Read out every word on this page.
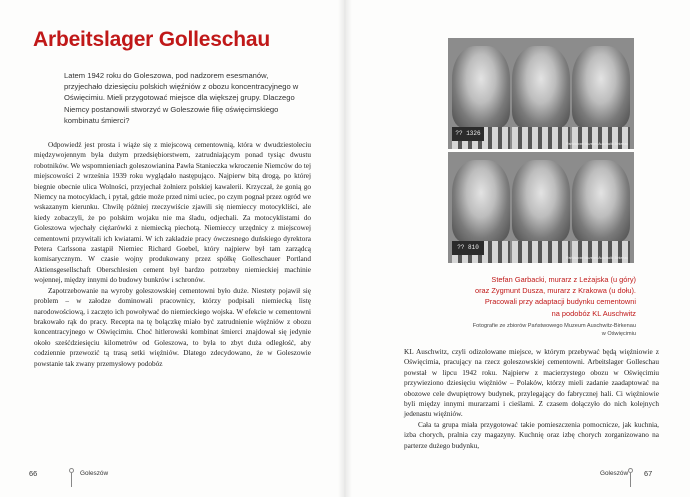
Arbeitslager Golleschau

Latem 1942 roku do Goleszowa, pod nadzorem esesmanów, przyjechało dziesięciu polskich więźniów z obozu koncentracyjnego w Oświęcimiu. Mieli przygotować miejsce dla większej grupy. Dlaczego Niemcy postanowili stworzyć w Goleszowie filię oświęcimskiego kombinatu śmierci?

Odpowiedź jest prosta i wiąże się z miejscową cementownią, która w dwudziestoleciu międzywojennym była dużym przedsiębiorstwem, zatrudniającym ponad tysiąc dwustu robotników. We wspomnieniach goleszowianina Pawła Stanieczka wkroczenie Niemców do tej miejscowości 2 września 1939 roku wyglądało następująco. Najpierw bitą drogą, po której biegnie obecnie ulica Wolności, przyjechał żołnierz polskiej kawalerii. Krzyczał, że gonią go Niemcy na motocyklach, i pytał, gdzie może przed nimi uciec, po czym pognał przez ogród we wskazanym kierunku. Chwilę później rzeczywiście zjawili się niemieccy motocykliści, ale kiedy zobaczyli, że po polskim wojaku nie ma śladu, odjechali. Za motocyklistami do Goleszowa wjechały ciężarówki z niemiecką piechotą. Niemieccy urzędnicy z miejscowej cementowni przywitali ich kwiatami. W ich zakładzie pracy ówczesnego duńskiego dyrektora Petera Carlssona zastąpił Niemiec Richard Goebel, który najpierw był tam zarządcą komisarycznym. W czasie wojny produkowany przez spółkę Golleschauer Portland Aktiensgesellschaft Oberschlesien cement był bardzo potrzebny niemieckiej machinie wojennej, między innymi do budowy bunkrów i schronów.

Zapotrzebowanie na wyroby goleszowskiej cementowni było duże. Niestety pojawił się problem – w załodze dominowali pracownicy, którzy podpisali niemiecką listę narodowościową, i zaczęto ich powoływać do niemieckiego wojska. W efekcie w cementowni brakowało rąk do pracy. Recepta na tę bolączkę miało być zatrudnienie więźniów z obozu koncentracyjnego w Oświęcimiu. Choć hitlerowski kombinat śmierci znajdował się jedynie około sześćdziesięciu kilometrów od Goleszowa, to była to zbyt duża odległość, aby codziennie przewozić tą trasą setki więźniów. Dlatego zdecydowano, że w Goleszowie powstanie tak zwany przemysłowy podobóz

66	Goleszów
?? 1326
Państwowe Muzeum Auschwitz-Birkenau
?? 810
Państwowe Muzeum Auschwitz-Birkenau

Stefan Garbacki, murarz z Leżajska (u góry)
oraz Zygmunt Dusza, murarz z Krakowa (u dołu).
Pracowali przy adaptacji budynku cementowni
na podobóz KL Auschwitz

Fotografie ze zbiorów Państwowego Muzeum Auschwitz-Birkenau
w Oświęcimiu

KL Auschwitz, czyli odizolowane miejsce, w którym przebywać będą więźniowie z Oświęcimia, pracujący na rzecz goleszowskiej cementowni. Arbeitslager Golleschau powstał w lipcu 1942 roku. Najpierw z macierzystego obozu w Oświęcimiu przywieziono dziesięciu więźniów – Polaków, którzy mieli zadanie zaadaptować na obozowe cele dwupiętrowy budynek, przylegający do fabrycznej hali. Ci więźniowie byli między innymi murarzami i cieślami. Z czasem dołączyło do nich kolejnych jedenastu więźniów.

Cała ta grupa miała przygotować takie pomieszczenia pomocnicze, jak kuchnia, izba chorych, pralnia czy magazyny. Kuchnię oraz izbę chorych zorganizowano na parterze dużego budynku,

Goleszów 67
